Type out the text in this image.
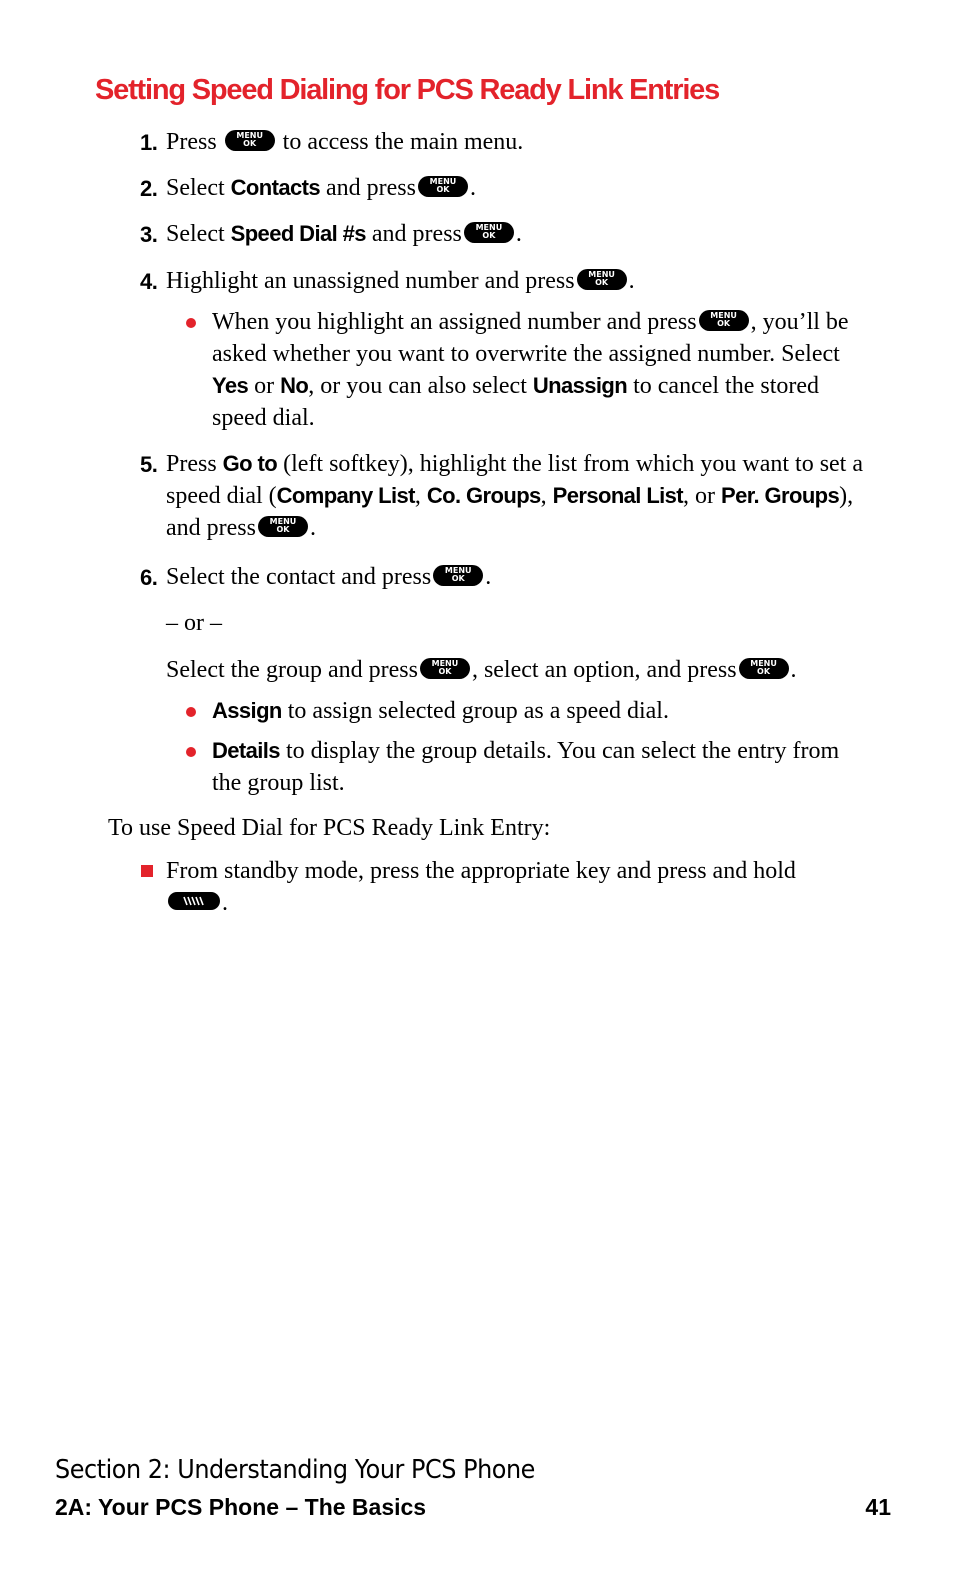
Setting Speed Dialing for PCS Ready Link Entries
1. Press	MENU
OK	to access the main menu.
2. Select Contacts and press	MENU
OK .
3. Select Speed Dial #s and press	MENU
OK .
4. Highlight an unassigned number and press	MENU
OK .
When you highlight an assigned number and press	MENU
OK , you’ll be asked whether you want to overwrite the assigned number. Select Yes or No, or you can also select Unassign to cancel the stored speed dial.
5. Press Go to (left softkey), highlight the list from which you want to set a speed dial (Company List, Co. Groups, Personal List, or Per. Groups), and press	MENU
OK .
6. Select the contact and press	MENU
OK .
– or –
Select the group and press	MENU
OK , select an option, and press	MENU
OK .
Assign to assign selected group as a speed dial.
Details to display the group details. You can select the entry from the group list.
To use Speed Dial for PCS Ready Link Entry:
From standby mode, press the appropriate key and press and hold
.
Section 2: Understanding Your PCS Phone
2A: Your PCS Phone – The Basics	41
